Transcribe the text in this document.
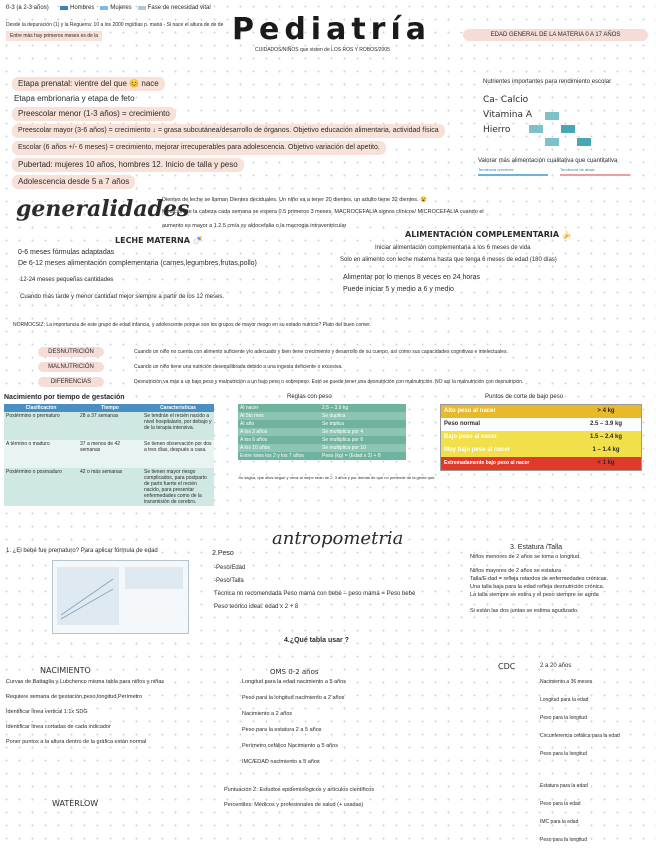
0-3 (a 2-3 años)	Hombres	Mujeres	Fase de necesidad vital
Desde la depuración (1) y la Reguerra: 10 a los 2000 mg/días p. maná - Si nace el altura de de de
Entre más hay primeros meses es de la	Pediatría
CUIDADOS/NIÑOS que visten de LOS ROS Y ROBOS/2005
EDAD GENERAL DE LA MATERIA 0 A 17 AÑOS
Etapa prenatal: vientre del que 😊 nace
Etapa embrionaria y etapa de feto
Preescolar menor (1-3 años) = crecimiento
Preescolar mayor (3-6 años) = crecimiento ↓ = grasa subcutánea/desarrollo de órganos. Objetivo educación alimentaria, actividad física
Escolar (6 años +/- 6 meses) = crecimiento, mejorar irrecuperables para adolescencia. Objetivo variación del apetito.
Pubertad: mujeres 10 años, hombres 12. Inicio de talla y peso
Adolescencia desde 5 a 7 años
Nutrientes importantes para rendimiento escolar
Ca- Calcio
Vitamina A
Hierro
Valorar más alimentación cualitativa que cuantitativa
Tendencia creciente	Tendencia de abajo
generalidades
Dientes de leche se llaman Dientes deciduales. Un niño va a tener 20 dientes, un adulto tiene 32 dientes. 😮
Medición de la cabeza cada semana se espera 0.5 primeros 3 meses. MACROCEFALIA signos clínicos/ MICROCEFALIA cuando el
aumento es mayor a 1.2.5 cm/a sy aldocefalia o la macrogia intraventricular
LECHE MATERNA 🍼
0-6 meses fórmulas adaptadas
De 6-12 meses alimentación complementaria (carnes,legumbres,frutas,pollo)
12-24 meses pequeñas cantidades
Cuando más tarde y menor cantidad mejor siempre a partir de los 12 meses.
ALIMENTACIÓN COMPLEMENTARIA 🍌
Iniciar alimentación complementaria a los 6 meses de vida
Solo en alimento con leche materna hasta que tenga 6 meses de edad (180 días)
Alimentar por lo menos 8 veces en 24 horas
Puede iniciar 5 y medio a 6 y medio
NORMOCSIZ: La importancia de este grupo de edad infancia, y adolescente porque son los grupos de mayor riesgo en su estado nutricio? Plato del buen comer.
DESNUTRICIÓN	Cuando un niño no cuenta con alimento suficiente y/o adecuado y bien tiene crecimiento y desarrollo de su cuerpo, así como sus capacidades cognitivas e intelectuales.
MALNUTRICIÓN	Cuando un niño tiene una nutrición desequilibrada debido a una ingesta deficiente o excesiva.
DIFERENCIAS	Desnutrición va más a un bajo peso y malnutrición a un bajo peso o sobrepeso. Estó se puede tener una desnutrición con malnutrición. NO así la malnutrición con desnutrición.
Nacimiento por tiempo de gestación
Clasificación	Tiempo	Características
Postérmino o prematuro	28 a 37 semanas	Se tendrán el recién nacido a nivel hospitalario, por debajo y de la terapia intensiva.
A término o maduro	37 a menos de 42 semanas	Se tienen observación por dos a tres días, después a casa.
Postérmino o posmaduro	42 o más semanas	Se tienen mayor riesgo complicados, para postparto de parto fuerte el recién nacido, para presentar enfermedades como de la transmisión de cerebro.
Reglas con peso
Al nacer	2.5 – 3.9 kg
Al 5to mes	Se duplica
Al año	Se triplica
A los 2 años	Se multiplica por 4
A los 6 años	Se multiplica por 6
A los 10 años	Se multiplica por 10
Entre lotes los 2 y los 7 años	Peso (kg) = (Edad x 2) + 8
Jin sagha, que ellos seguir y otros al mejor sean de 2, 3 años y por demás de que no pretende de la gente que.
Puntos de corte de bajo peso
Alto peso al nacer	> 4 kg
Peso normal	2.5 – 3.9 kg
Bajo peso al nacer	1.5 – 2.4 kg
Muy bajo peso al nacer	1 – 1.4 kg
Extremadamente bajo peso al nacer	< 1 kg
antropometria
1. ¿El bebé fue prematuro? Para aplicar fórmula de edad	2.Peso
-Peso/Edad
-Peso/Talla
Técnica no recomendada Peso mamá con bebé – peso mamá = Peso bebé
Peso teórico ideal: edad x 2 + 8
3. Estatura /Talla
Niños menores de 2 años se toma o longitud.
Niños mayores de 2 años se estatura
Talla/E dad = refleja retardos de enfermedades crónicas.
Una talla baja para la edad refleja desnutrición crónica.
La talla siempre se estira y el peso siempre se agrda
Si están las dos juntas se estima agudizado.
4.¿Qué tabla usar ?
NACIMIENTO
Curvas de Battaglia y Lubchenco misma tabla para niños y niñas
Requiere semana de gestación,peso,longitud,Perímetro
Identificar línea vertical 1:1x SDG
Identificar línea cortadas de cada indicador
Poner puntos a la altura dentro de la gráfica están normal
WATERLOW
OMS 0-2 años
Longitud para la edad nacimiento a 5 años
Peso para la longitud nacimiento a 2 años
Nacimiento a 2 años
Peso para la estatura 2 a 5 años
Perímetro cefálico Nacimiento a 5 años
IMC/EDAD nacimiento a 5 años
Puntuación Z: Estudios epidemiológicos y artículos científicos
Percentiles: Médicos y profesionales de salud (+ usadas)
CDC	2 a 20 años
Nacimiento a 36 meses
Longitud para la edad
Peso para la longitud
Circunferencia cefálica para la edad
Peso para la longitud
Estatura para la edad
Peso para la edad
IMC para la edad
Peso para la longitud
